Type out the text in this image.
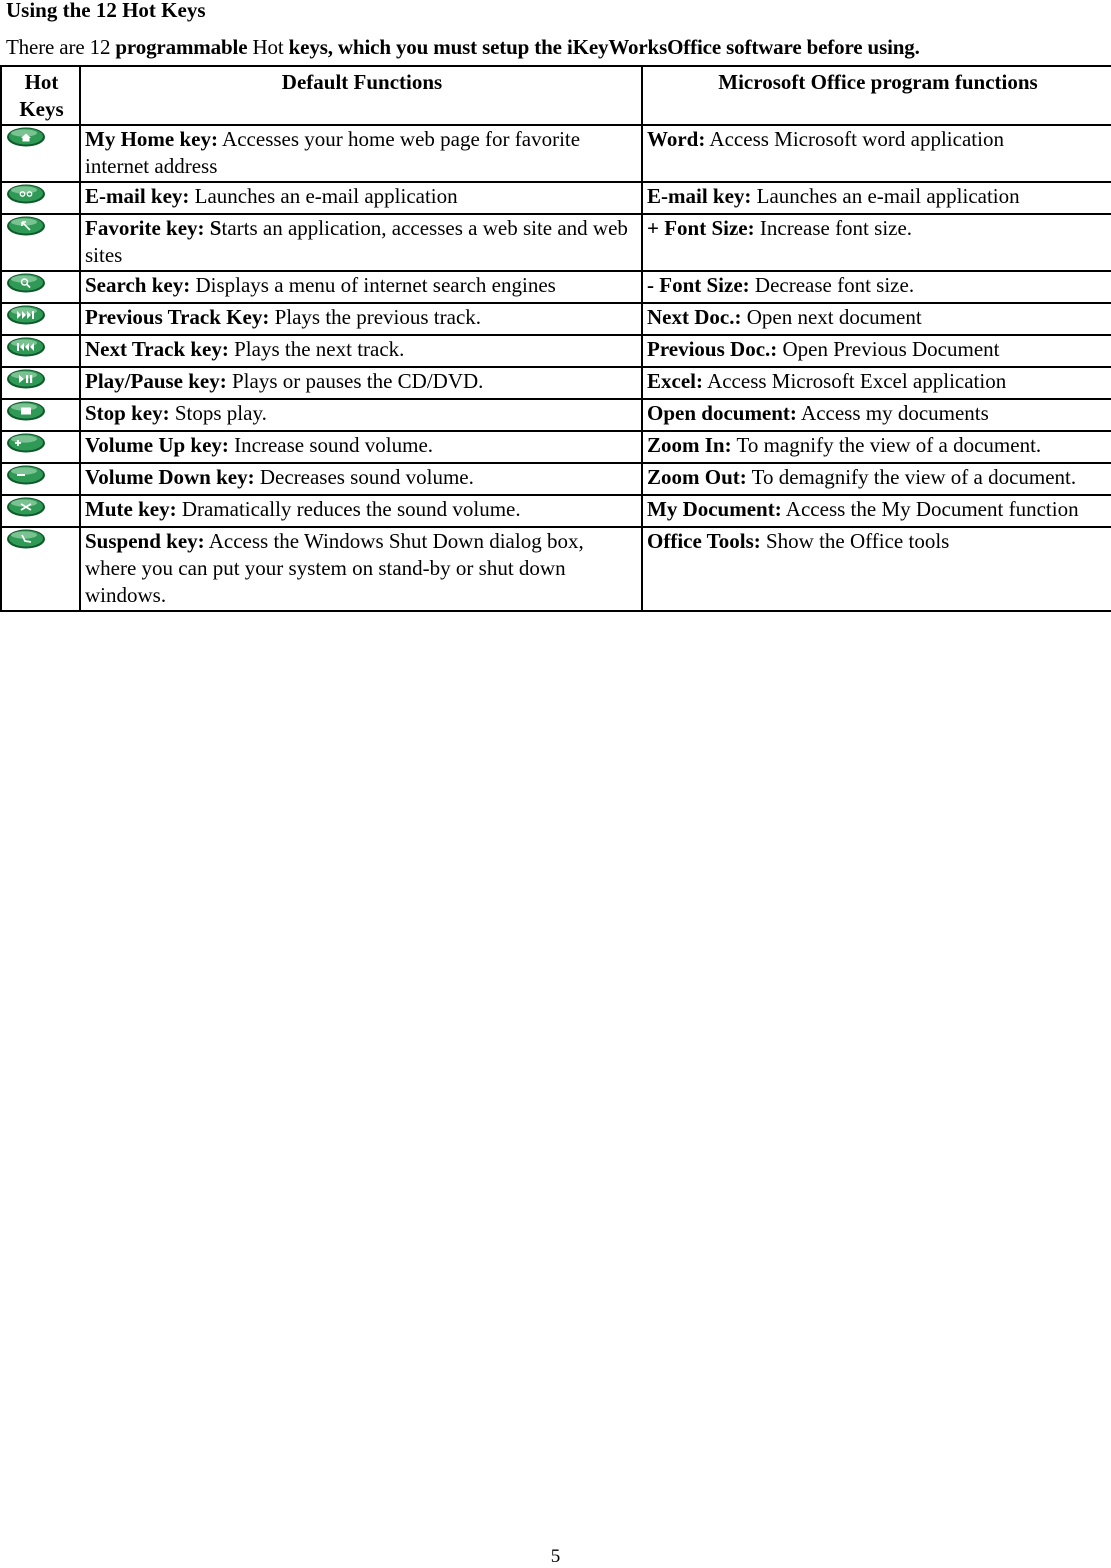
Using the 12 Hot Keys
There are 12 programmable Hot keys, which you must setup the iKeyWorksOffice software before using.
Hot
Keys	Default Functions	Microsoft Office program functions

	My Home key: Accesses your home web page for favorite internet address	Word: Access Microsoft word application

	E-mail key: Launches an e-mail application	E-mail key: Launches an e-mail application

	Favorite key: Starts an application, accesses a web site and web sites	+ Font Size: Increase font size.

	Search key: Displays a menu of internet search engines	- Font Size: Decrease font size.

	Previous Track Key: Plays the previous track.	Next Doc.: Open next document

	Next Track key: Plays the next track.	Previous Doc.: Open Previous Document

	Play/Pause key: Plays or pauses the CD/DVD.	Excel: Access Microsoft Excel application

	Stop key: Stops play.	Open document: Access my documents

	Volume Up key: Increase sound volume.	Zoom In: To magnify the view of a document.

	Volume Down key: Decreases sound volume.	Zoom Out: To demagnify the view of a document.

	Mute key: Dramatically reduces the sound volume.	My Document: Access the My Document function

	Suspend key: Access the Windows Shut Down dialog box, where you can put your system on stand-by or shut down windows.	Office Tools: Show the Office tools
5
